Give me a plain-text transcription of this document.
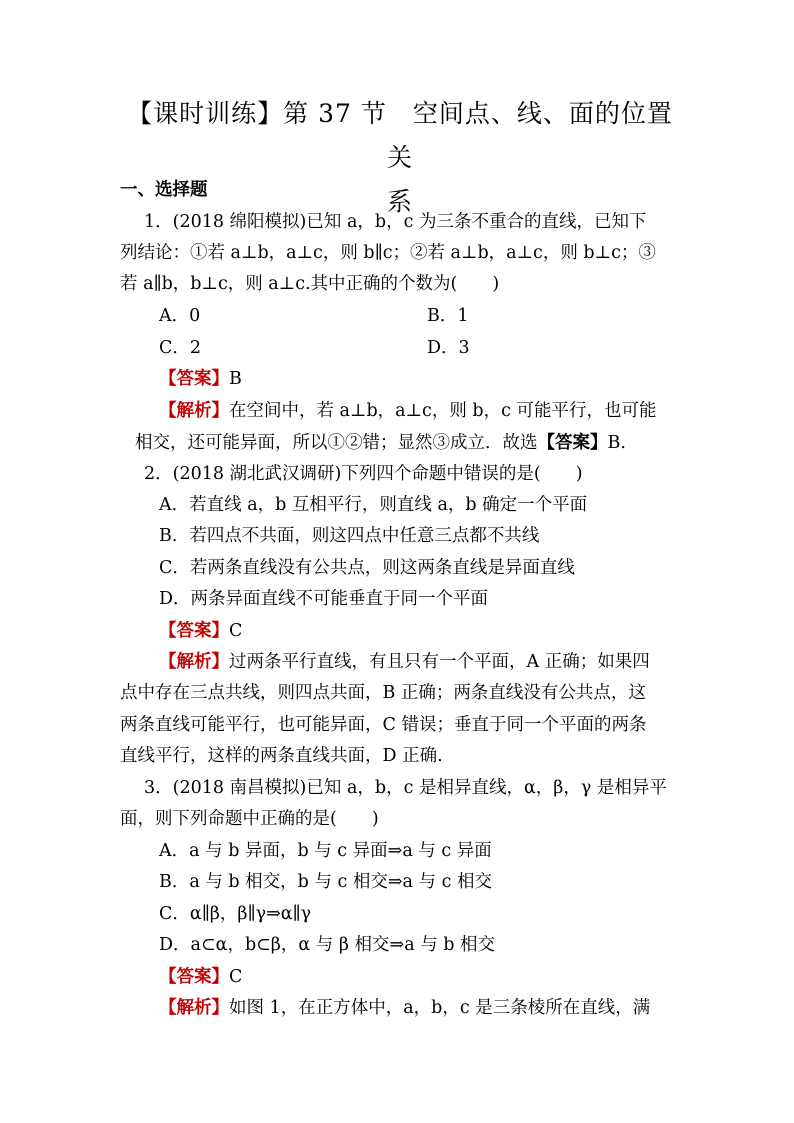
【课时训练】第 37 节　空间点、线、面的位置关
系
一、选择题
1．(2018 绵阳模拟)已知 a，b，c 为三条不重合的直线，已知下
列结论：①若 a⊥b，a⊥c，则 b∥c；②若 a⊥b，a⊥c，则 b⊥c；③
若 a∥b，b⊥c，则 a⊥c.其中正确的个数为(　　)
A．0	B．1
C．2	D．3
【答案】B
【解析】在空间中，若 a⊥b，a⊥c，则 b，c 可能平行，也可能
相交，还可能异面，所以①②错；显然③成立．故选【答案】B.
2．(2018 湖北武汉调研)下列四个命题中错误的是(　　)
A．若直线 a，b 互相平行，则直线 a，b 确定一个平面
B．若四点不共面，则这四点中任意三点都不共线
C．若两条直线没有公共点，则这两条直线是异面直线
D．两条异面直线不可能垂直于同一个平面
【答案】C
【解析】过两条平行直线，有且只有一个平面，A 正确；如果四
点中存在三点共线，则四点共面，B 正确；两条直线没有公共点，这
两条直线可能平行，也可能异面，C 错误；垂直于同一个平面的两条
直线平行，这样的两条直线共面，D 正确.
3．(2018 南昌模拟)已知 a，b，c 是相异直线，α，β，γ 是相异平
面，则下列命题中正确的是(　　)
A．a 与 b 异面，b 与 c 异面⇒a 与 c 异面
B．a 与 b 相交，b 与 c 相交⇒a 与 c 相交
C．α∥β，β∥γ⇒α∥γ
D．a⊂α，b⊂β，α 与 β 相交⇒a 与 b 相交
【答案】C
【解析】如图 1，在正方体中，a，b，c 是三条棱所在直线，满
